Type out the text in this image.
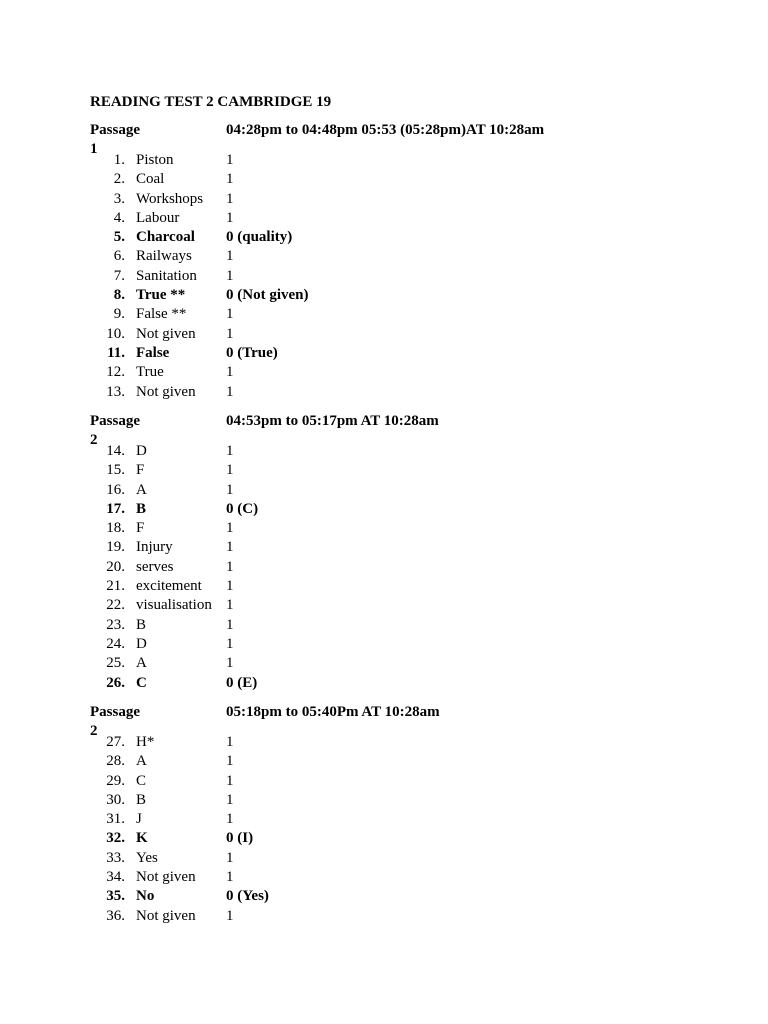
READING TEST 2 CAMBRIDGE 19
Passage 1
04:28pm to 04:48pm 05:53 (05:28pm)AT 10:28am
1. Piston	1
2. Coal	1
3. Workshops 1
4. Labour	1
5. Charcoal 0 (quality)
6. Railways 1
7. Sanitation 1
8. True **	0 (Not given)
9. False **	1
10. Not given 1
11. False	0 (True)
12. True	1
13. Not given 1
Passage 2
04:53pm to 05:17pm AT 10:28am
14. D	1
15. F	1
16. A	1
17. B	0 (C)
18. F	1
19. Injury	1
20. serves	1
21. excitement 1
22. visualisation 1
23. B	1
24. D	1
25. A	1
26. C	0 (E)
Passage 2
05:18pm to 05:40Pm AT 10:28am
27. H*	1
28. A	1
29. C	1
30. B	1
31. J	1
32. K	0 (I)
33. Yes	1
34. Not given 1
35. No	0 (Yes)
36. Not given 1
